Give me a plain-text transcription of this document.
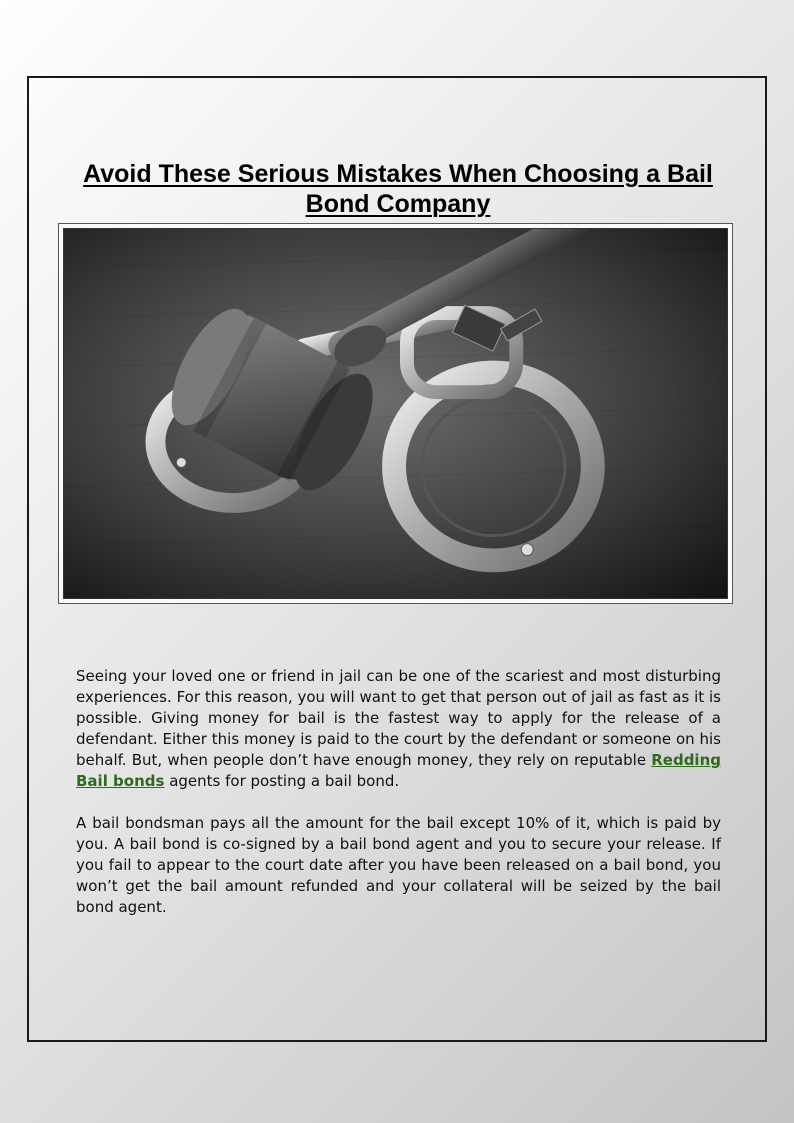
Avoid These Serious Mistakes When Choosing a Bail Bond Company

Seeing your loved one or friend in jail can be one of the scariest and most disturbing experiences. For this reason, you will want to get that person out of jail as fast as it is possible. Giving money for bail is the fastest way to apply for the release of a defendant. Either this money is paid to the court by the defendant or someone on his behalf. But, when people don’t have enough money, they rely on reputable Redding Bail bonds agents for posting a bail bond.

A bail bondsman pays all the amount for the bail except 10% of it, which is paid by you. A bail bond is co-signed by a bail bond agent and you to secure your release. If you fail to appear to the court date after you have been released on a bail bond, you won’t get the bail amount refunded and your collateral will be seized by the bail bond agent.
